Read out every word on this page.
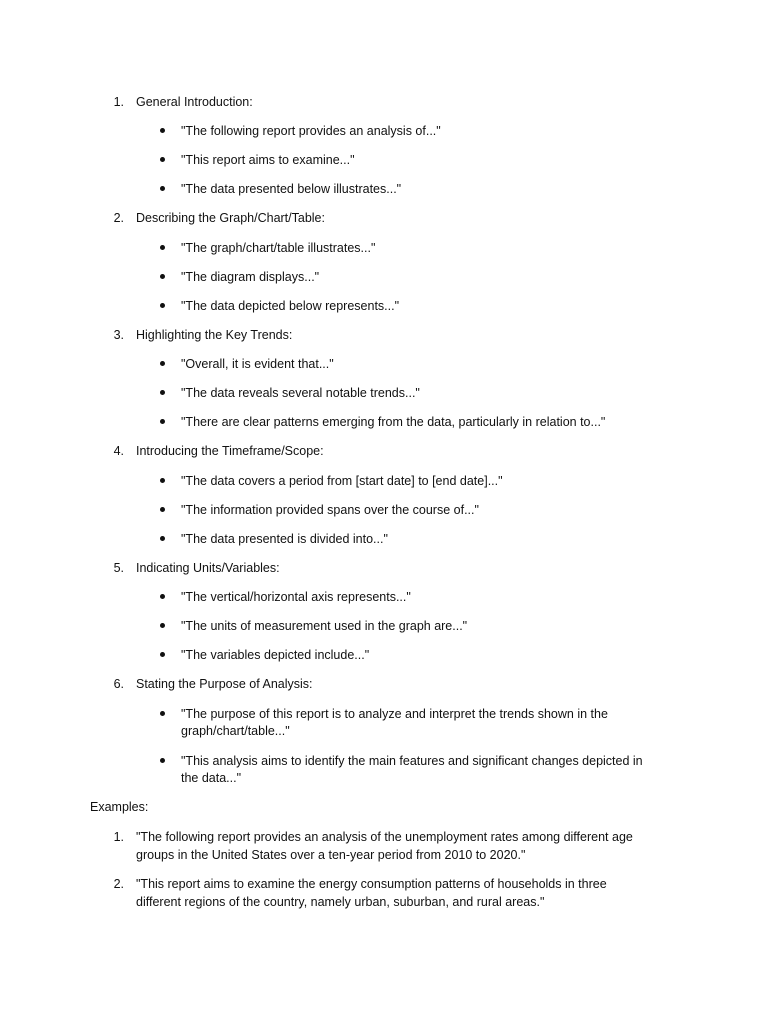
1. General Introduction:
"The following report provides an analysis of..."
"This report aims to examine..."
"The data presented below illustrates..."
2. Describing the Graph/Chart/Table:
"The graph/chart/table illustrates..."
"The diagram displays..."
"The data depicted below represents..."
3. Highlighting the Key Trends:
"Overall, it is evident that..."
"The data reveals several notable trends..."
"There are clear patterns emerging from the data, particularly in relation to..."
4. Introducing the Timeframe/Scope:
"The data covers a period from [start date] to [end date]..."
"The information provided spans over the course of..."
"The data presented is divided into..."
5. Indicating Units/Variables:
"The vertical/horizontal axis represents..."
"The units of measurement used in the graph are..."
"The variables depicted include..."
6. Stating the Purpose of Analysis:
"The purpose of this report is to analyze and interpret the trends shown in the
graph/chart/table..."
"This analysis aims to identify the main features and significant changes depicted in
the data..."
Examples:
1. "The following report provides an analysis of the unemployment rates among different age
groups in the United States over a ten-year period from 2010 to 2020."
2. "This report aims to examine the energy consumption patterns of households in three
different regions of the country, namely urban, suburban, and rural areas."
